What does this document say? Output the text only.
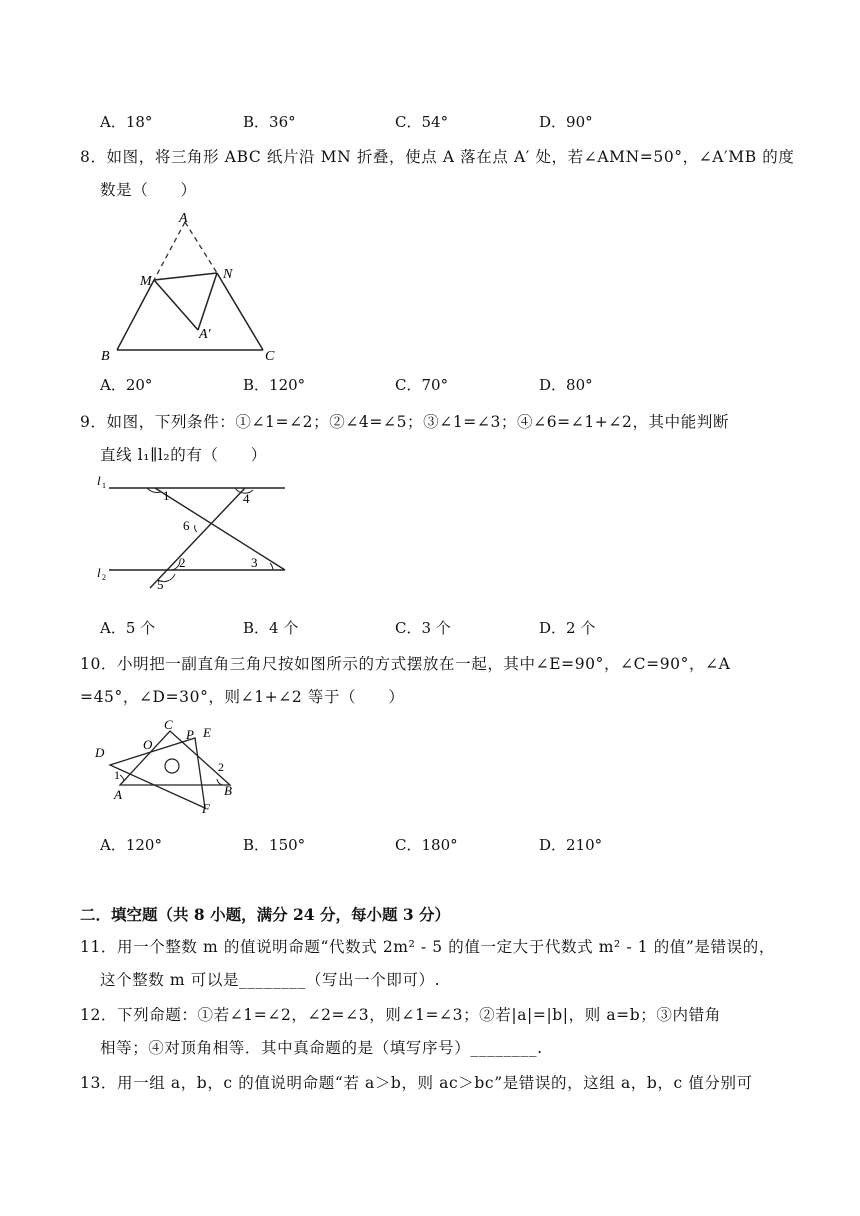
A．18°	B．36°	C．54°	D．90°
8．如图，将三角形 ABC 纸片沿 MN 折叠，使点 A 落在点 A′ 处，若∠AMN=50°，∠A′MB 的度
数是（　　）
A
M	N
A′
B	C
A．20°	B．120°	C．70°	D．80°
9．如图，下列条件：①∠1=∠2；②∠4=∠5；③∠1=∠3；④∠6=∠1+∠2，其中能判断
直线 l₁∥l₂的有（　　）
l 1
l 2
1
2	3
4
5
6
A．5 个	B．4 个	C．3 个	D．2 个
10．小明把一副直角三角尺按如图所示的方式摆放在一起，其中∠E=90°，∠C=90°，∠A
=45°，∠D=30°，则∠1+∠2 等于（　　）
C
P E
D
O
2
1
A	B
F
A．120°	B．150°	C．180°	D．210°
二．填空题（共 8 小题，满分 24 分，每小题 3 分）
11．用一个整数 m 的值说明命题“代数式 2m² - 5 的值一定大于代数式 m² - 1 的值”是错误的，
这个整数 m 可以是________（写出一个即可）.
12．下列命题：①若∠1=∠2，∠2=∠3，则∠1=∠3；②若|a|=|b|，则 a=b；③内错角
相等；④对顶角相等．其中真命题的是（填写序号）________.
13．用一组 a，b，c 的值说明命题“若 a＞b，则 ac＞bc”是错误的，这组 a，b，c 值分别可
